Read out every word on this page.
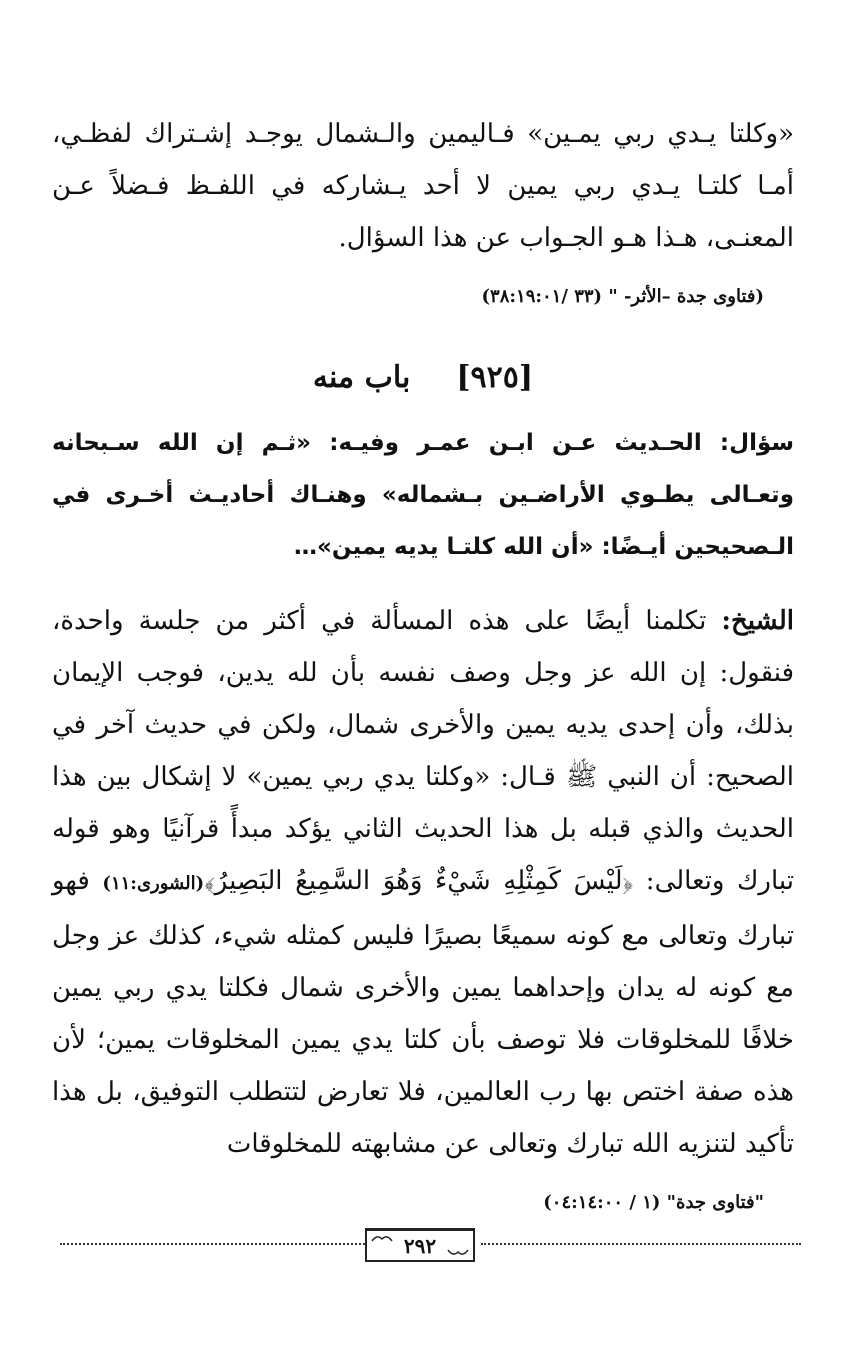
«وكلتا يـدي ربي يمـين» فـاليمين والـشمال يوجـد إشـتراك لفظـي، أمـا كلتـا يـدي ربي يمين لا أحد يـشاركه في اللفـظ فـضلاً عـن المعنـى، هـذا هـو الجـواب عن هذا السؤال.

(فتاوى جدة –الأثر- " (٣٣ /٣٨:١٩:٠١)
[٩٢٥]باب منه

سؤال: الحـديث عـن ابـن عمـر وفيـه: «ثـم إن الله سـبحانه وتعـالى يطـوي الأراضـين بـشماله» وهنـاك أحاديـث أخـرى في الـصحيحين أيـضًا: «أن الله كلتـا يديه يمين»…

الشيخ: تكلمنا أيضًا على هذه المسألة في أكثر من جلسة واحدة، فنقول: إن الله عز وجل وصف نفسه بأن لله يدين، فوجب الإيمان بذلك، وأن إحدى يديه يمين والأخرى شمال، ولكن في حديث آخر في الصحيح: أن النبي ﷺ قـال: «وكلتا يدي ربي يمين» لا إشكال بين هذا الحديث والذي قبله بل هذا الحديث الثاني يؤكد مبدأً قرآنيًا وهو قوله تبارك وتعالى: ﴿لَيْسَ كَمِثْلِهِ شَيْءٌ وَهُوَ السَّمِيعُ البَصِيرُ﴾(الشورى:١١) فهو تبارك وتعالى مع كونه سميعًا بصيرًا فليس كمثله شيء، كذلك عز وجل مع كونه له يدان وإحداهما يمين والأخرى شمال فكلتا يدي ربي يمين خلافًا للمخلوقات فلا توصف بأن كلتا يدي يمين المخلوقات يمين؛ لأن هذه صفة اختص بها رب العالمين، فلا تعارض لتتطلب التوفيق، بل هذا تأكيد لتنزيه الله تبارك وتعالى عن مشابهته للمخلوقات

"فتاوى جدة" (١ / ٠٤:١٤:٠٠)
٢٩٢
